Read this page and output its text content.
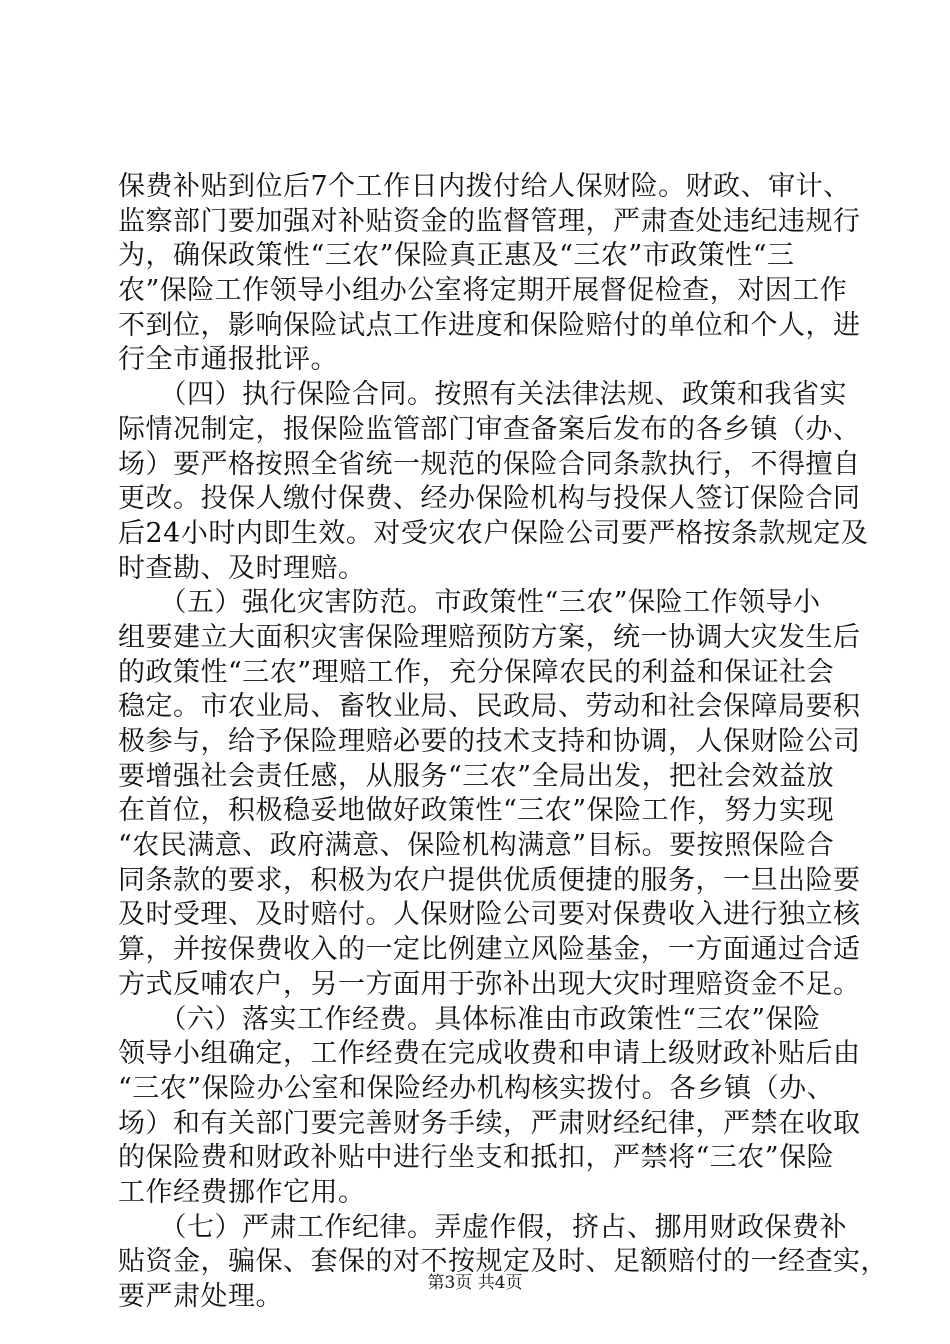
保费补贴到位后7个工作日内拨付给人保财险。财政、审计、
监察部门要加强对补贴资金的监督管理，严肃查处违纪违规行
为，确保政策性“三农”保险真正惠及“三农”市政策性“三
农”保险工作领导小组办公室将定期开展督促检查，对因工作
不到位，影响保险试点工作进度和保险赔付的单位和个人，进
行全市通报批评。
　　（四）执行保险合同。按照有关法律法规、政策和我省实
际情况制定，报保险监管部门审查备案后发布的各乡镇（办、
场）要严格按照全省统一规范的保险合同条款执行，不得擅自
更改。投保人缴付保费、经办保险机构与投保人签订保险合同
后24小时内即生效。对受灾农户保险公司要严格按条款规定及
时查勘、及时理赔。
　　（五）强化灾害防范。市政策性“三农”保险工作领导小
组要建立大面积灾害保险理赔预防方案，统一协调大灾发生后
的政策性“三农”理赔工作，充分保障农民的利益和保证社会
稳定。市农业局、畜牧业局、民政局、劳动和社会保障局要积
极参与，给予保险理赔必要的技术支持和协调，人保财险公司
要增强社会责任感，从服务“三农”全局出发，把社会效益放
在首位，积极稳妥地做好政策性“三农”保险工作，努力实现
“农民满意、政府满意、保险机构满意”目标。要按照保险合
同条款的要求，积极为农户提供优质便捷的服务，一旦出险要
及时受理、及时赔付。人保财险公司要对保费收入进行独立核
算，并按保费收入的一定比例建立风险基金，一方面通过合适
方式反哺农户，另一方面用于弥补出现大灾时理赔资金不足。
　　（六）落实工作经费。具体标准由市政策性“三农”保险
领导小组确定，工作经费在完成收费和申请上级财政补贴后由
“三农”保险办公室和保险经办机构核实拨付。各乡镇（办、
场）和有关部门要完善财务手续，严肃财经纪律，严禁在收取
的保险费和财政补贴中进行坐支和抵扣，严禁将“三农”保险
工作经费挪作它用。
　　（七）严肃工作纪律。弄虚作假，挤占、挪用财政保费补
贴资金，骗保、套保的对不按规定及时、足额赔付的一经查实，
要严肃处理。	第3页 共4页
